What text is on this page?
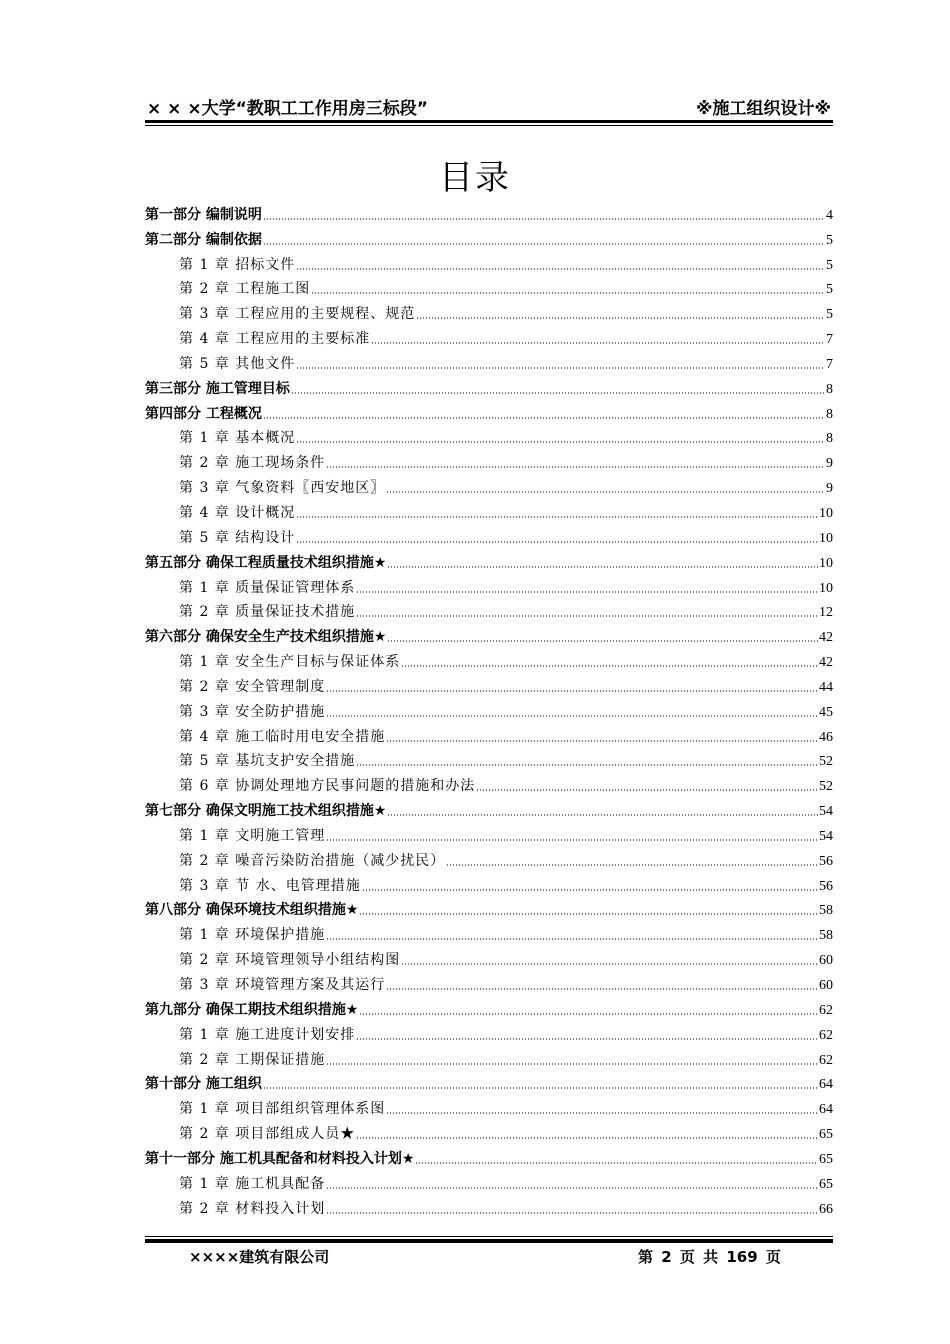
× × ×大学“教职工工作用房三标段”	※施工组织设计※
目录
第一部分 编制说明	4
第二部分 编制依据	5
第 1 章 招标文件	5
第 2 章 工程施工图	5
第 3 章 工程应用的主要规程、规范	5
第 4 章 工程应用的主要标准	7
第 5 章 其他文件	7
第三部分 施工管理目标	8
第四部分 工程概况	8
第 1 章 基本概况	8
第 2 章 施工现场条件	9
第 3 章 气象资料〖西安地区〗	9
第 4 章 设计概况	10
第 5 章 结构设计	10
第五部分 确保工程质量技术组织措施★	10
第 1 章 质量保证管理体系	10
第 2 章 质量保证技术措施	12
第六部分 确保安全生产技术组织措施★	42
第 1 章 安全生产目标与保证体系	42
第 2 章 安全管理制度	44
第 3 章 安全防护措施	45
第 4 章 施工临时用电安全措施	46
第 5 章 基坑支护安全措施	52
第 6 章 协调处理地方民事问题的措施和办法	52
第七部分 确保文明施工技术组织措施★	54
第 1 章 文明施工管理	54
第 2 章 噪音污染防治措施（减少扰民）	56
第 3 章 节 水、电管理措施	56
第八部分 确保环境技术组织措施★	58
第 1 章 环境保护措施	58
第 2 章 环境管理领导小组结构图	60
第 3 章 环境管理方案及其运行	60
第九部分 确保工期技术组织措施★	62
第 1 章 施工进度计划安排	62
第 2 章 工期保证措施	62
第十部分 施工组织	64
第 1 章 项目部组织管理体系图	64
第 2 章 项目部组成人员★	65
第十一部分 施工机具配备和材料投入计划★	65
第 1 章 施工机具配备	65
第 2 章 材料投入计划	66
××××建筑有限公司	第 2 页 共 169 页
